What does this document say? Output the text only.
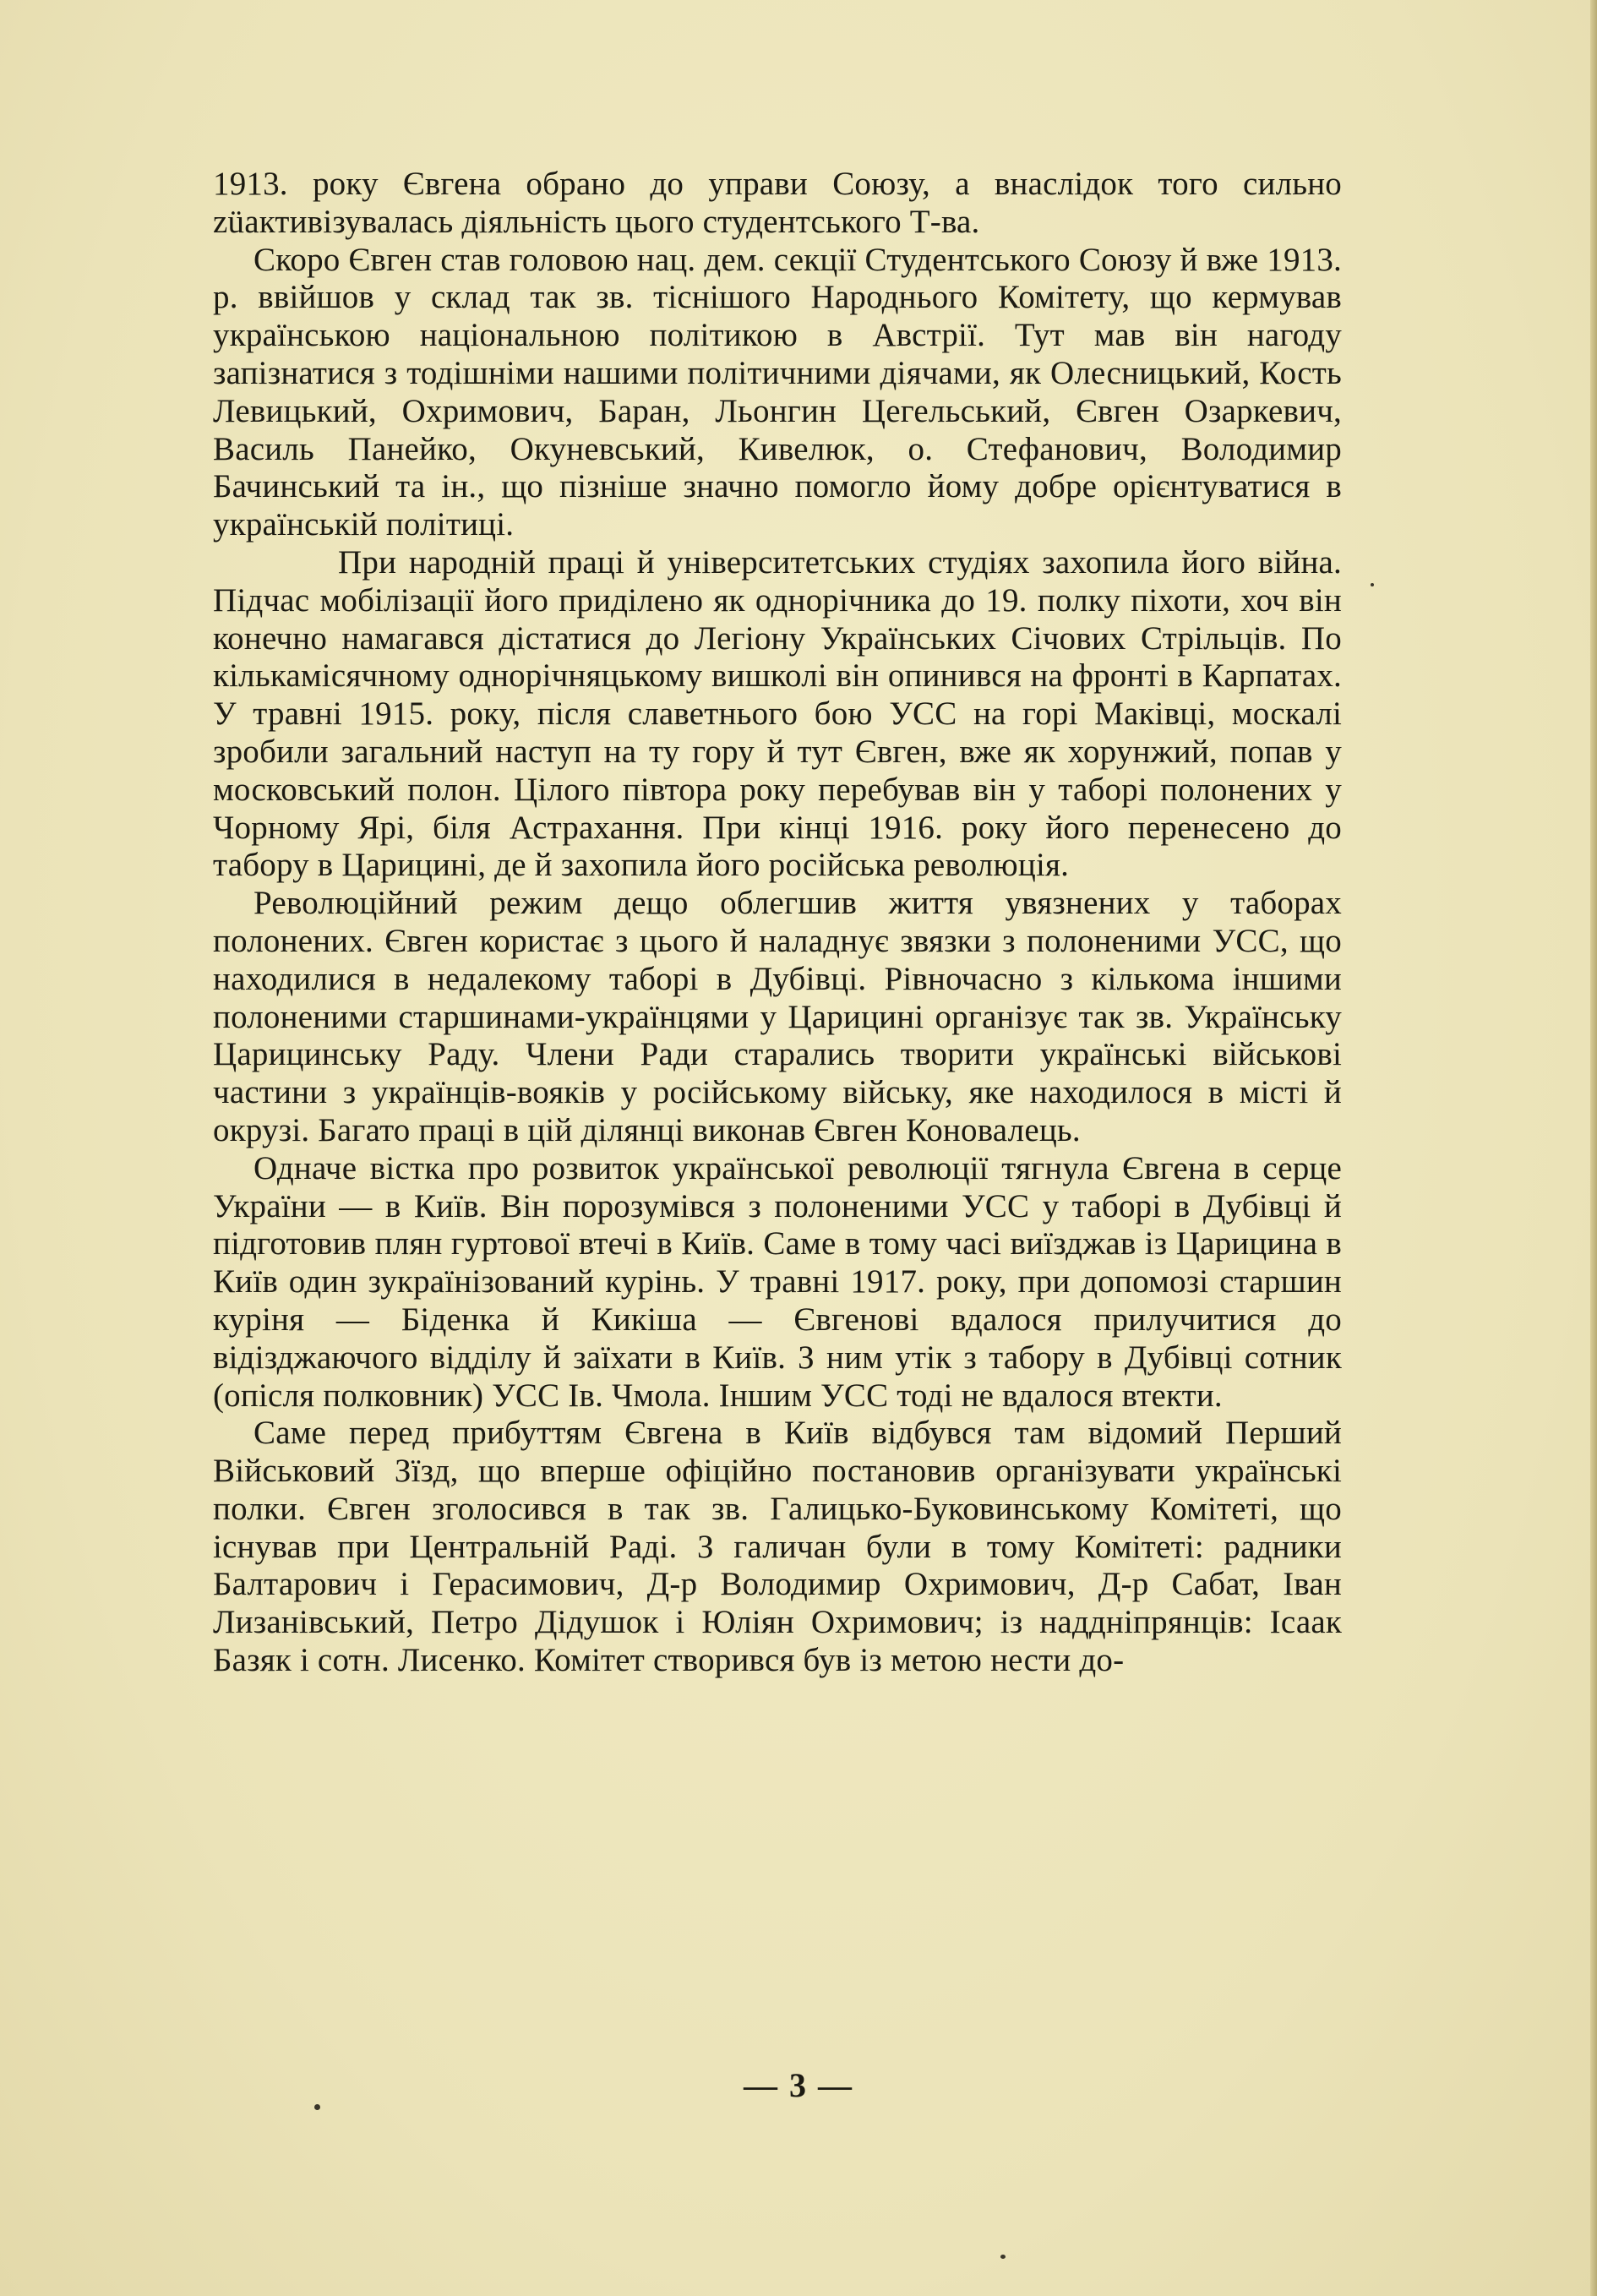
1913. року Євгена обрано до управи Союзу, а внаслідок того сильно züaктивізувалась діяльність цього студентського Т-ва.

Скоро Євген став головою нац. дем. секції Студентського Союзу й вже 1913. р. ввійшов у склад так зв. тіснішого Народнього Комітету, що кермував українською національною політикою в Австрії. Тут мав він нагоду запізнатися з тодішніми нашими політичними діячами, як Олесницький, Кость Левицький, Охримович, Баран, Льонгин Цегельський, Євген Озаркевич, Василь Панейко, Окуневський, Кивелюк, о. Стефанович, Володимир Бачинський та ін., що пізніше значно помогло йому добре орієнтуватися в українській політиці.

При народній праці й університетських студіях захопила його війна. Підчас мобілізації його приділено як однорічника до 19. полку піхоти, хоч він конечно намагався дістатися до Легіону Українських Січових Стрільців. По кількамісячному однорічняцькому вишколі він опинився на фронті в Карпатах. У травні 1915. року, після славетнього бою УСС на горі Маківці, москалі зробили загальний наступ на ту гору й тут Євген, вже як хорунжий, попав у московський полон. Цілого півтора року перебував він у таборі полонених у Чорному Ярі, біля Астрахання. При кінці 1916. року його перенесено до табору в Царицині, де й захопила його російська революція.

Революційний режим дещо облегшив життя увязнених у таборах полонених. Євген користає з цього й наладнує звязки з полоненими УСС, що находилися в недалекому таборі в Дубівці. Рівночасно з кількома іншими полоненими старшинами-українцями у Царицині організує так зв. Українську Царицинську Раду. Члени Ради старались творити українські військові частини з українців-вояків у російському війську, яке находилося в місті й окрузі. Багато праці в цій ділянці виконав Євген Коновалець.

Одначе вістка про розвиток української революції тягнула Євгена в серце України — в Київ. Він порозумівся з полоненими УСС у таборі в Дубівці й підготовив плян гуртової втечі в Київ. Саме в тому часі виїзджав із Царицина в Київ один зукраїнізований курінь. У травні 1917. року, при допомозі старшин куріня — Біденка й Кикіша — Євгенові вдалося прилучитися до відізджаючого відділу й заїхати в Київ. З ним утік з табору в Дубівці сотник (опісля полковник) УСС Ів. Чмола. Іншим УСС тоді не вдалося втекти.

Саме перед прибуттям Євгена в Київ відбувся там відомий Перший Військовий Зїзд, що вперше офіційно постановив організувати українські полки. Євген зголосився в так зв. Галицько-Буковинському Комітеті, що існував при Центральній Раді. З галичан були в тому Комітеті: радники Балтарович і Герасимович, Д-р Володимир Охримович, Д-р Сабат, Іван Лизанівський, Петро Дідушок і Юліян Охримович; із наддніпрянців: Ісаак Базяк і сотн. Лисенко. Комітет створився був із метою нести до-

— 3 —
